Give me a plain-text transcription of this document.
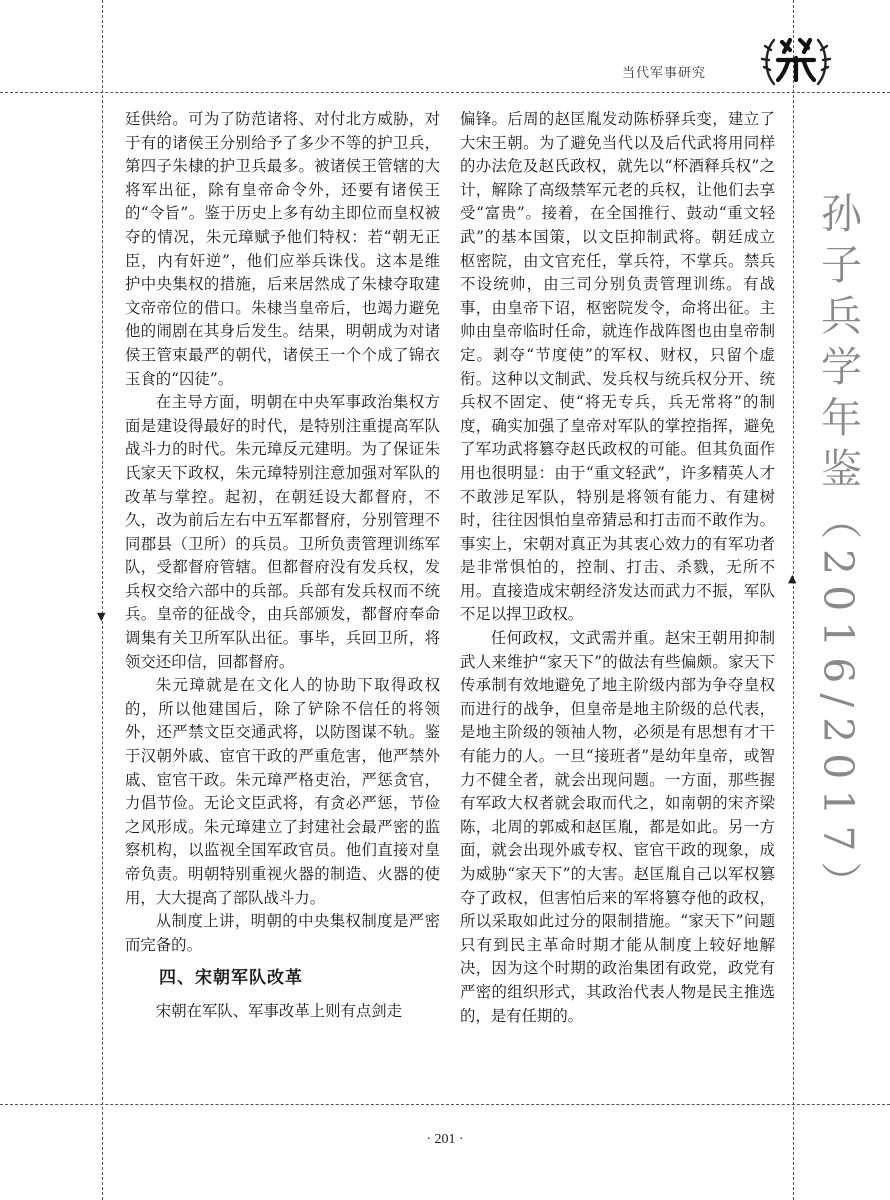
▼
▲
当代军事研究
孙子兵学年鉴（2016/2017）

廷供给。可为了防范诸将、对付北方威胁，对于有的诸侯王分别给予了多少不等的护卫兵，第四子朱棣的护卫兵最多。被诸侯王管辖的大将军出征，除有皇帝命令外，还要有诸侯王的“令旨”。鉴于历史上多有幼主即位而皇权被夺的情况，朱元璋赋予他们特权：若“朝无正臣，内有奸逆”，他们应举兵诛伐。这本是维护中央集权的措施，后来居然成了朱棣夺取建文帝帝位的借口。朱棣当皇帝后，也竭力避免他的闹剧在其身后发生。结果，明朝成为对诸侯王管束最严的朝代，诸侯王一个个成了锦衣玉食的“囚徒”。

在主导方面，明朝在中央军事政治集权方面是建设得最好的时代，是特别注重提高军队战斗力的时代。朱元璋反元建明。为了保证朱氏家天下政权，朱元璋特别注意加强对军队的改革与掌控。起初，在朝廷设大都督府，不久，改为前后左右中五军都督府，分别管理不同郡县（卫所）的兵员。卫所负责管理训练军队，受都督府管辖。但都督府没有发兵权，发兵权交给六部中的兵部。兵部有发兵权而不统兵。皇帝的征战令，由兵部颁发，都督府奉命调集有关卫所军队出征。事毕，兵回卫所，将领交还印信，回都督府。

朱元璋就是在文化人的协助下取得政权的，所以他建国后，除了铲除不信任的将领外，还严禁文臣交通武将，以防图谋不轨。鉴于汉朝外戚、宦官干政的严重危害，他严禁外戚、宦官干政。朱元璋严格吏治，严惩贪官，力倡节俭。无论文臣武将，有贪必严惩，节俭之风形成。朱元璋建立了封建社会最严密的监察机构，以监视全国军政官员。他们直接对皇帝负责。明朝特别重视火器的制造、火器的使用，大大提高了部队战斗力。

从制度上讲，明朝的中央集权制度是严密而完备的。

四、宋朝军队改革

宋朝在军队、军事改革上则有点剑走

偏锋。后周的赵匡胤发动陈桥驿兵变，建立了大宋王朝。为了避免当代以及后代武将用同样的办法危及赵氏政权，就先以“杯酒释兵权”之计，解除了高级禁军元老的兵权，让他们去享受“富贵”。接着，在全国推行、鼓动“重文轻武”的基本国策，以文臣抑制武将。朝廷成立枢密院，由文官充任，掌兵符，不掌兵。禁兵不设统帅，由三司分别负责管理训练。有战事，由皇帝下诏，枢密院发令，命将出征。主帅由皇帝临时任命，就连作战阵图也由皇帝制定。剥夺“节度使”的军权、财权，只留个虚衔。这种以文制武、发兵权与统兵权分开、统兵权不固定、使“将无专兵，兵无常将”的制度，确实加强了皇帝对军队的掌控指挥，避免了军功武将篡夺赵氏政权的可能。但其负面作用也很明显：由于“重文轻武”，许多精英人才不敢涉足军队，特别是将领有能力、有建树时，往往因惧怕皇帝猜忌和打击而不敢作为。事实上，宋朝对真正为其衷心效力的有军功者是非常惧怕的，控制、打击、杀戮，无所不用。直接造成宋朝经济发达而武力不振，军队不足以捍卫政权。

任何政权，文武需并重。赵宋王朝用抑制武人来维护“家天下”的做法有些偏颇。家天下传承制有效地避免了地主阶级内部为争夺皇权而进行的战争，但皇帝是地主阶级的总代表，是地主阶级的领袖人物，必须是有思想有才干有能力的人。一旦“接班者”是幼年皇帝，或智力不健全者，就会出现问题。一方面，那些握有军政大权者就会取而代之，如南朝的宋齐梁陈，北周的郭威和赵匡胤，都是如此。另一方面，就会出现外戚专权、宦官干政的现象，成为威胁“家天下”的大害。赵匡胤自己以军权篡夺了政权，但害怕后来的军将篡夺他的政权，所以采取如此过分的限制措施。“家天下”问题只有到民主革命时期才能从制度上较好地解决，因为这个时期的政治集团有政党，政党有严密的组织形式，其政治代表人物是民主推选的，是有任期的。

· 201 ·
